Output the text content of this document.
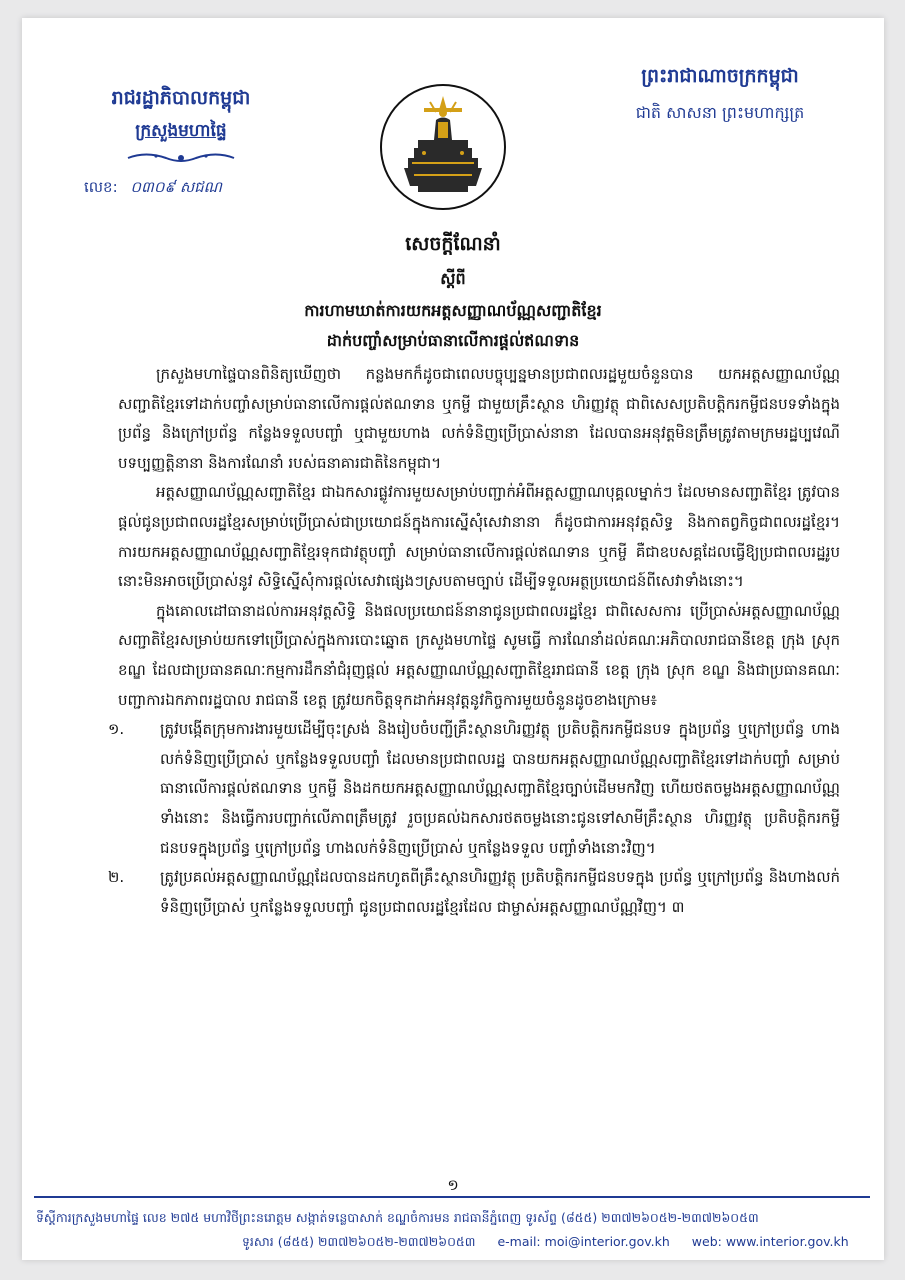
រាជរដ្ឋាភិបាលកម្ពុជា
ក្រសួងមហាផ្ទៃ
លេខ: ០៣០៩ សជណ
ព្រះរាជាណាចក្រកម្ពុជា
ជាតិ សាសនា ព្រះមហាក្សត្រ
សេចក្តីណែនាំ
ស្តីពី
ការហាមឃាត់ការយកអត្តសញ្ញាណប័ណ្ណសញ្ជាតិខ្មែរ
ដាក់បញ្ចាំសម្រាប់ធានាលើការផ្តល់ឥណទាន

ក្រសួងមហាផ្ទៃបានពិនិត្យឃើញថា កន្លងមកក៏ដូចជាពេលបច្ចុប្បន្នមានប្រជាពលរដ្ឋមួយចំនួនបាន យកអត្តសញ្ញាណប័ណ្ណសញ្ជាតិខ្មែរទៅដាក់បញ្ចាំសម្រាប់ធានាលើការផ្តល់ឥណទាន ឬកម្ចី ជាមួយគ្រឹះស្ថាន ហិរញ្ញវត្ថុ ជាពិសេសប្រតិបត្តិករកម្ចីជនបទទាំងក្នុងប្រព័ន្ធ និងក្រៅប្រព័ន្ធ កន្លែងទទួលបញ្ចាំ ឬជាមួយហាង លក់ទំនិញប្រើប្រាស់នានា ដែលបានអនុវត្តមិនត្រឹមត្រូវតាមក្រមរដ្ឋប្បវេណី បទប្បញ្ញត្តិនានា និងការណែនាំ របស់ធនាគារជាតិនៃកម្ពុជា។

អត្តសញ្ញាណប័ណ្ណសញ្ជាតិខ្មែរ ជាឯកសារផ្លូវការមួយសម្រាប់បញ្ជាក់អំពីអត្តសញ្ញាណបុគ្គលម្នាក់ៗ ដែលមានសញ្ជាតិខ្មែរ ត្រូវបានផ្តល់ជូនប្រជាពលរដ្ឋខ្មែរសម្រាប់ប្រើប្រាស់ជាប្រយោជន៍ក្នុងការស្នើសុំសេវានានា ក៏ដូចជាការអនុវត្តសិទ្ធ និងកាតព្វកិច្ចជាពលរដ្ឋខ្មែរ។ ការយកអត្តសញ្ញាណប័ណ្ណសញ្ជាតិខ្មែរទុកជាវត្ថុបញ្ចាំ សម្រាប់ធានាលើការផ្តល់ឥណទាន ឬកម្ចី គឺជាឧបសគ្គដែលធ្វើឱ្យប្រជាពលរដ្ឋរូបនោះមិនអាចប្រើប្រាស់នូវ សិទ្ធិស្នើសុំការផ្តល់សេវាផ្សេងៗស្របតាមច្បាប់ ដើម្បីទទួលអត្ថប្រយោជន៍ពីសេវាទាំងនោះ។

ក្នុងគោលដៅធានាដល់ការអនុវត្តសិទ្ធិ និងផលប្រយោជន៍នានាជូនប្រជាពលរដ្ឋខ្មែរ ជាពិសេសការ ប្រើប្រាស់អត្តសញ្ញាណប័ណ្ណសញ្ជាតិខ្មែរសម្រាប់យកទៅប្រើប្រាស់ក្នុងការបោះឆ្នោត ក្រសួងមហាផ្ទៃ សូមធ្វើ ការណែនាំដល់គណៈអភិបាលរាជធានីខេត្ត ក្រុង ស្រុក ខណ្ឌ ដែលជាប្រធានគណៈកម្មការដឹកនាំជំរុញផ្តល់ អត្តសញ្ញាណប័ណ្ណសញ្ជាតិខ្មែររាជធានី ខេត្ត ក្រុង ស្រុក ខណ្ឌ និងជាប្រធានគណៈបញ្ជាការឯកភាពរដ្ឋបាល រាជធានី ខេត្ត ត្រូវយកចិត្តទុកដាក់អនុវត្តនូវកិច្ចការមួយចំនួនដូចខាងក្រោម៖

១.	ត្រូវបង្កើតក្រុមការងារមួយដើម្បីចុះស្រង់ និងរៀបចំបញ្ជីគ្រឹះស្ថានហិរញ្ញវត្ថុ ប្រតិបត្តិករកម្ចីជនបទ ក្នុងប្រព័ន្ធ ឬក្រៅប្រព័ន្ធ ហាងលក់ទំនិញប្រើប្រាស់ ឬកន្លែងទទួលបញ្ចាំ ដែលមានប្រជាពលរដ្ឋ បានយកអត្តសញ្ញាណប័ណ្ណសញ្ជាតិខ្មែរទៅដាក់បញ្ចាំ សម្រាប់ធានាលើការផ្តល់ឥណទាន ឬកម្ចី និងដកយកអត្តសញ្ញាណប័ណ្ណសញ្ជាតិខ្មែរច្បាប់ដើមមកវិញ ហើយថតចម្លងអត្តសញ្ញាណប័ណ្ណ ទាំងនោះ និងធ្វើការបញ្ជាក់លើភាពត្រឹមត្រូវ រួចប្រគល់ឯកសារថតចម្លងនោះជូនទៅសាមីគ្រឹះស្ថាន ហិរញ្ញវត្ថុ ប្រតិបត្តិករកម្ចីជនបទក្នុងប្រព័ន្ធ ឬក្រៅប្រព័ន្ធ ហាងលក់ទំនិញប្រើប្រាស់ ឬកន្លែងទទួល បញ្ចាំទាំងនោះវិញ។
២.	ត្រូវប្រគល់អត្តសញ្ញាណប័ណ្ណដែលបានដកហូតពីគ្រឹះស្ថានហិរញ្ញវត្ថុ ប្រតិបត្តិករកម្ចីជនបទក្នុង ប្រព័ន្ធ ឬក្រៅប្រព័ន្ធ និងហាងលក់ទំនិញប្រើប្រាស់ ឬកន្លែងទទួលបញ្ចាំ ជូនប្រជាពលរដ្ឋខ្មែរដែល ជាម្ចាស់អត្តសញ្ញាណប័ណ្ណវិញ។ ៣
១
ទីស្តីការក្រសួងមហាផ្ទៃ លេខ ២៧៥ មហាវិថីព្រះនរោត្តម សង្កាត់ទន្លេបាសាក់ ខណ្ឌចំការមន រាជធានីភ្នំពេញ ទូរស័ព្ទ (៨៥៥) ២៣៧២៦០៥២-២៣៧២៦០៥៣
ទូរសារ (៨៥៥) ២៣៧២៦០៥២-២៣៧២៦០៥៣ e-mail: moi@interior.gov.kh web: www.interior.gov.kh
